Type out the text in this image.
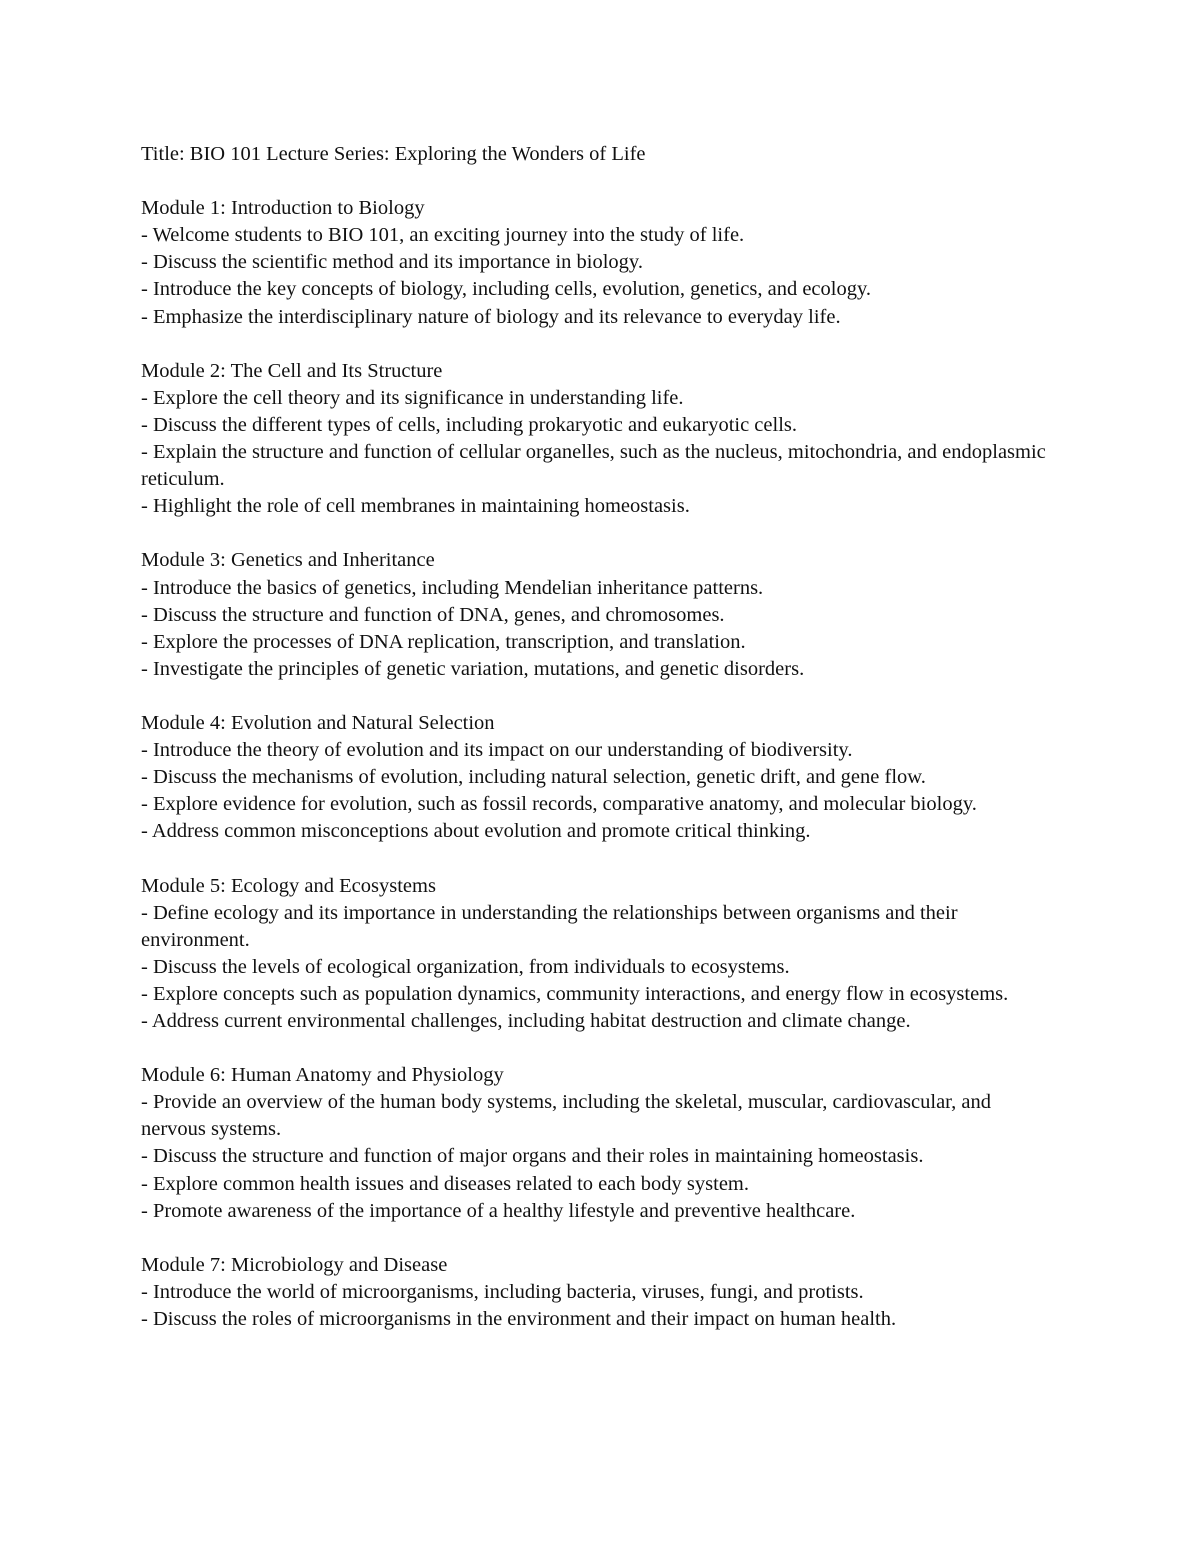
Title: BIO 101 Lecture Series: Exploring the Wonders of Life

Module 1: Introduction to Biology

- Welcome students to BIO 101, an exciting journey into the study of life.

- Discuss the scientific method and its importance in biology.

- Introduce the key concepts of biology, including cells, evolution, genetics, and ecology.

- Emphasize the interdisciplinary nature of biology and its relevance to everyday life.

Module 2: The Cell and Its Structure

- Explore the cell theory and its significance in understanding life.

- Discuss the different types of cells, including prokaryotic and eukaryotic cells.

- Explain the structure and function of cellular organelles, such as the nucleus, mitochondria, and endoplasmic reticulum.

- Highlight the role of cell membranes in maintaining homeostasis.

Module 3: Genetics and Inheritance

- Introduce the basics of genetics, including Mendelian inheritance patterns.

- Discuss the structure and function of DNA, genes, and chromosomes.

- Explore the processes of DNA replication, transcription, and translation.

- Investigate the principles of genetic variation, mutations, and genetic disorders.

Module 4: Evolution and Natural Selection

- Introduce the theory of evolution and its impact on our understanding of biodiversity.

- Discuss the mechanisms of evolution, including natural selection, genetic drift, and gene flow.

- Explore evidence for evolution, such as fossil records, comparative anatomy, and molecular biology.

- Address common misconceptions about evolution and promote critical thinking.

Module 5: Ecology and Ecosystems

- Define ecology and its importance in understanding the relationships between organisms and their environment.

- Discuss the levels of ecological organization, from individuals to ecosystems.

- Explore concepts such as population dynamics, community interactions, and energy flow in ecosystems.

- Address current environmental challenges, including habitat destruction and climate change.

Module 6: Human Anatomy and Physiology

- Provide an overview of the human body systems, including the skeletal, muscular, cardiovascular, and nervous systems.

- Discuss the structure and function of major organs and their roles in maintaining homeostasis.

- Explore common health issues and diseases related to each body system.

- Promote awareness of the importance of a healthy lifestyle and preventive healthcare.

Module 7: Microbiology and Disease

- Introduce the world of microorganisms, including bacteria, viruses, fungi, and protists.

- Discuss the roles of microorganisms in the environment and their impact on human health.
